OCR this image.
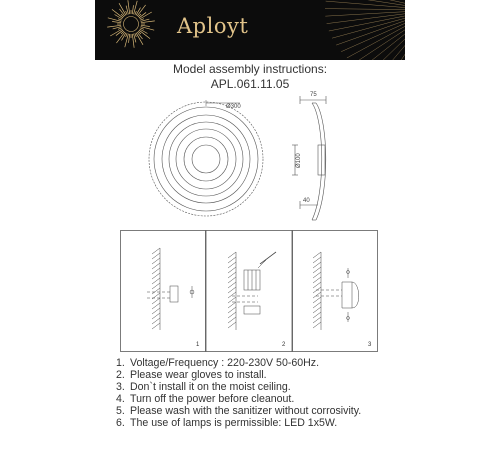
Aployt
Model assembly instructions:
APL.061.11.05
Ø300
75
Ø100
40
1	2	3
1. Voltage/Frequency : 220-230V 50-60Hz.
2. Please wear gloves to install.
3. Don`t install it on the moist ceiling.
4. Turn off the power before cleanout.
5. Please wash with the sanitizer without corrosivity.
6. The use of lamps is permissible: LED 1x5W.
